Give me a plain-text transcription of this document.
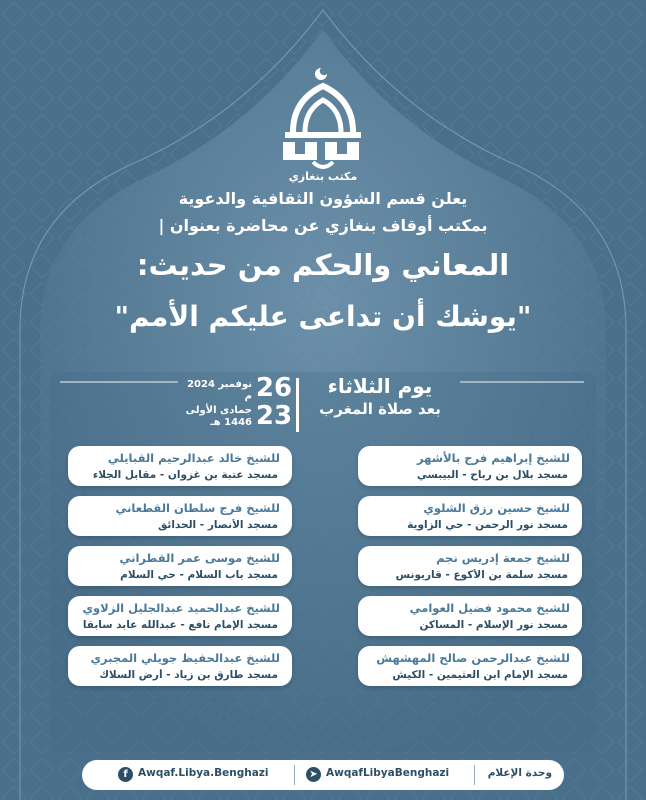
مكتب بنغازي
يعلن قسم الشؤون الثقافية والدعوية
بمكتب أوقاف بنغازي عن محاضرة بعنوان |
المعاني والحكم من حديث:
"يوشك أن تداعى عليكم الأمم"
يوم الثلاثاء
بعد صلاة المغرب
26
23
نوفمبر 2024 م
جمادى الأولى 1446 هـ
للشيخ إبراهيم فرج بالأشهر
مسجد بلال بن رباح - البيبسي
للشيخ حسين رزق الشلوي
مسجد نور الرحمن - حي الزاوية
للشيخ جمعة إدريس نجم
مسجد سلمة بن الأكوع - قاريونس
للشيخ محمود فضيل العوامي
مسجد نور الإسلام - المساكن
للشيخ عبدالرحمن صالح المهشهش
مسجد الإمام ابن العثيمين - الكيش
للشيخ خالد عبدالرحيم القبايلي
مسجد عتبة بن غزوان - مقابل الجلاء
للشيخ فرج سلطان القطعاني
مسجد الأنصار - الحدائق
للشيخ موسى عمر القطراني
مسجد باب السلام - حي السلام
للشيخ عبدالحميد عبدالجليل الزلاوي
مسجد الإمام نافع - عبدالله عابد سابقا
للشيخ عبدالحفيظ جويلي المجبري
مسجد طارق بن زياد - أرض السلاك
f Awqaf.Libya.Benghazi	➤ AwqafLibyaBenghazi	وحدة الإعلام
